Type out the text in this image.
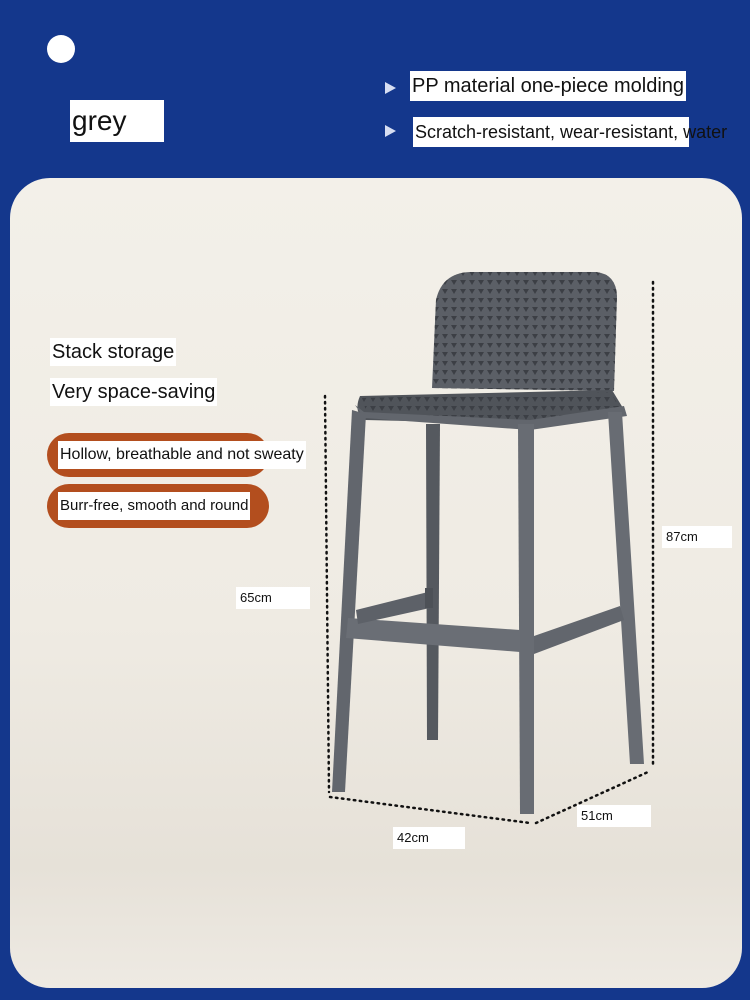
grey
PP material one-piece molding
Scratch-resistant, wear-resistant, water
Stack storage
Very space-saving
Hollow, breathable and not sweaty
Burr-free, smooth and round
87cm
65cm
42cm
51cm
